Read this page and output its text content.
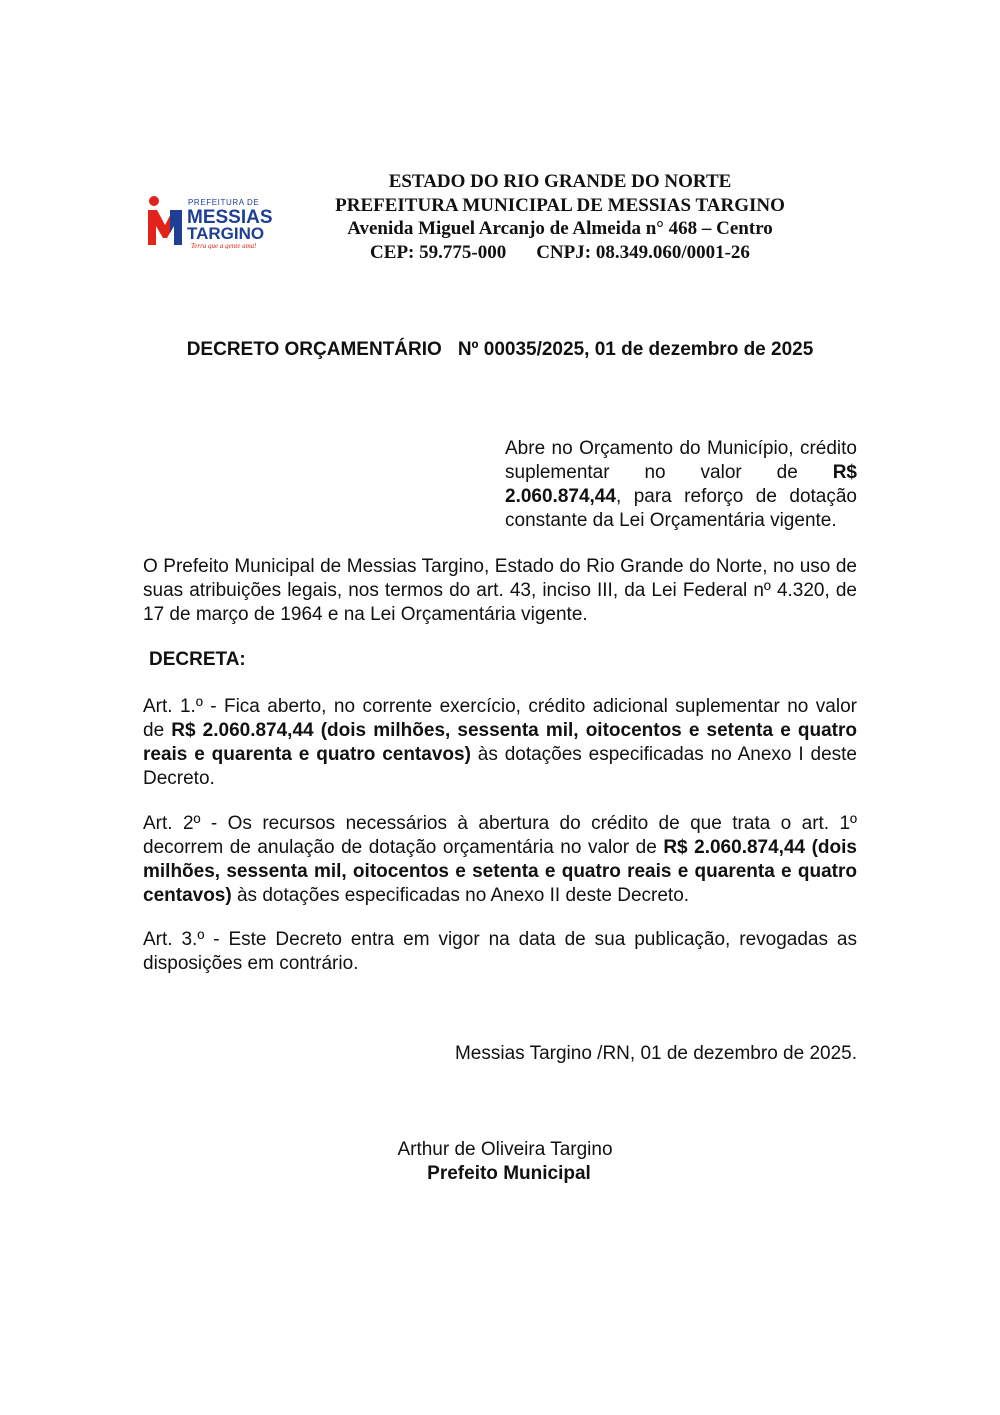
PREFEITURA DE
MESSIAS
TARGINO
Terra que a gente ama!
ESTADO DO RIO GRANDE DO NORTE
PREFEITURA MUNICIPAL DE MESSIAS TARGINO
Avenida Miguel Arcanjo de Almeida n° 468 – Centro
CEP: 59.775-000 CNPJ: 08.349.060/0001-26
DECRETO ORÇAMENTÁRIO Nº 00035/2025, 01 de dezembro de 2025
Abre no Orçamento do Município, crédito suplementar no valor de R$ 2.060.874,44, para reforço de dotação constante da Lei Orçamentária vigente.
O Prefeito Municipal de Messias Targino, Estado do Rio Grande do Norte, no uso de suas atribuições legais, nos termos do art. 43, inciso III, da Lei Federal nº 4.320, de 17 de março de 1964 e na Lei Orçamentária vigente.
DECRETA:
Art. 1.º - Fica aberto, no corrente exercício, crédito adicional suplementar no valor de R$ 2.060.874,44 (dois milhões, sessenta mil, oitocentos e setenta e quatro reais e quarenta e quatro centavos) às dotações especificadas no Anexo I deste Decreto.
Art. 2º - Os recursos necessários à abertura do crédito de que trata o art. 1º decorrem de anulação de dotação orçamentária no valor de R$ 2.060.874,44 (dois milhões, sessenta mil, oitocentos e setenta e quatro reais e quarenta e quatro centavos) às dotações especificadas no Anexo II deste Decreto.
Art. 3.º - Este Decreto entra em vigor na data de sua publicação, revogadas as disposições em contrário.
Messias Targino /RN, 01 de dezembro de 2025.
Arthur de Oliveira Targino
Prefeito Municipal
